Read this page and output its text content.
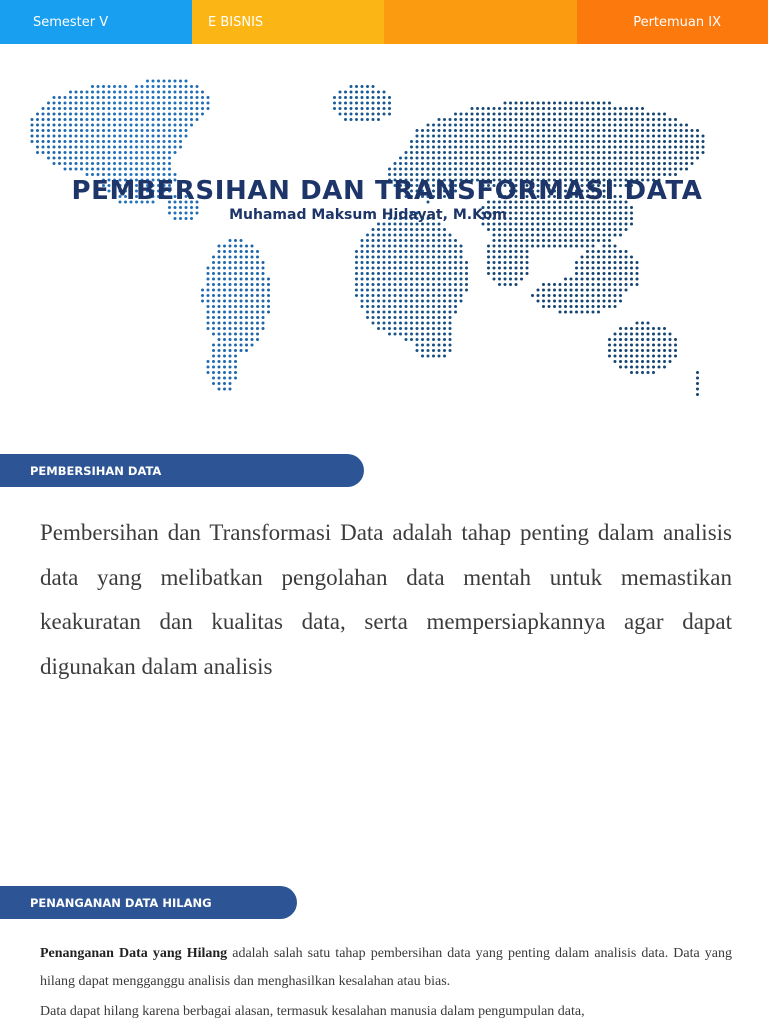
Semester V	E BISNIS	Pertemuan IX
PEMBERSIHAN DAN TRANSFORMASI DATA
Muhamad Maksum Hidayat, M.Kom
PEMBERSIHAN DATA

Pembersihan dan Transformasi Data adalah tahap penting dalam analisis data yang melibatkan pengolahan data mentah untuk memastikan keakuratan dan kualitas data, serta mempersiapkannya agar dapat digunakan dalam analisis

PENANGANAN DATA HILANG

Penanganan Data yang Hilang adalah salah satu tahap pembersihan data yang penting dalam analisis data. Data yang hilang dapat mengganggu analisis dan menghasilkan kesalahan atau bias.

Data dapat hilang karena berbagai alasan, termasuk kesalahan manusia dalam pengumpulan data,
